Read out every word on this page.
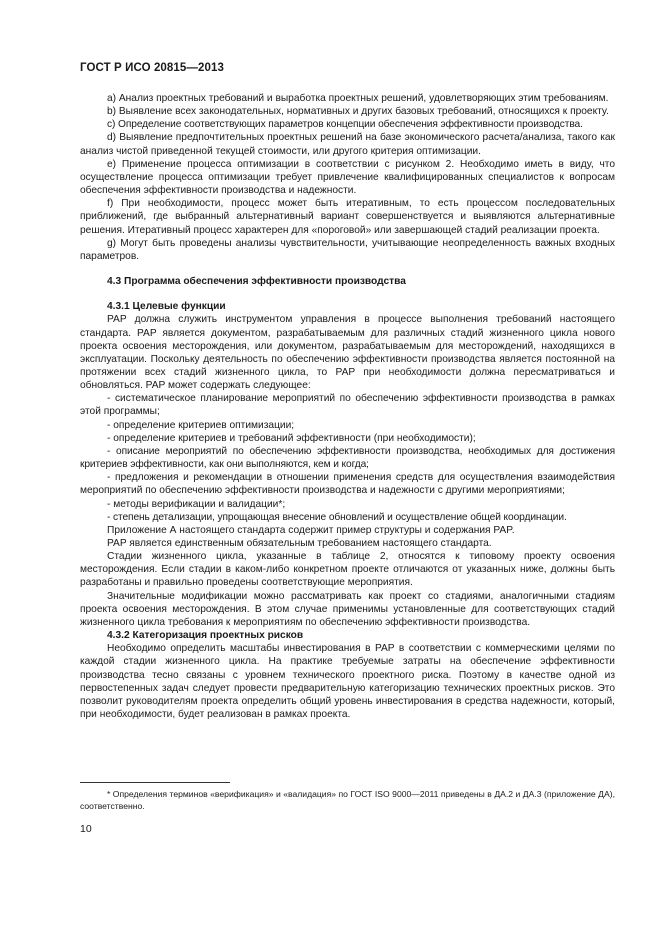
ГОСТ Р ИСО 20815—2013

а) Анализ проектных требований и выработка проектных решений, удовлетворяющих этим требованиям.

b) Выявление всех законодательных, нормативных и других базовых требований, относящихся к проекту.

c) Определение соответствующих параметров концепции обеспечения эффективности производства.

d) Выявление предпочтительных проектных решений на базе экономического расчета/анализа, такого как анализ чистой приведенной текущей стоимости, или другого критерия оптимизации.

e) Применение процесса оптимизации в соответствии с рисунком 2. Необходимо иметь в виду, что осуществление процесса оптимизации требует привлечение квалифицированных специалистов к вопросам обеспечения эффективности производства и надежности.

f) При необходимости, процесс может быть итеративным, то есть процессом последовательных приближений, где выбранный альтернативный вариант совершенствуется и выявляются альтернативные решения. Итеративный процесс характерен для «пороговой» или завершающей стадий реализации проекта.

g) Могут быть проведены анализы чувствительности, учитывающие неопределенность важных входных параметров.

4.3 Программа обеспечения эффективности производства
4.3.1 Целевые функции

PAP должна служить инструментом управления в процессе выполнения требований настоящего стандарта. PAP является документом, разрабатываемым для различных стадий жизненного цикла нового проекта освоения месторождения, или документом, разрабатываемым для месторождений, находящихся в эксплуатации. Поскольку деятельность по обеспечению эффективности производства является постоянной на протяжении всех стадий жизненного цикла, то PAP при необходимости должна пересматриваться и обновляться. PAP может содержать следующее:

- систематическое планирование мероприятий по обеспечению эффективности производства в рамках этой программы;

- определение критериев оптимизации;

- определение критериев и требований эффективности (при необходимости);

- описание мероприятий по обеспечению эффективности производства, необходимых для достижения критериев эффективности, как они выполняются, кем и когда;

- предложения и рекомендации в отношении применения средств для осуществления взаимодействия мероприятий по обеспечению эффективности производства и надежности с другими мероприятиями;

- методы верификации и валидации*;

- степень детализации, упрощающая внесение обновлений и осуществление общей координации.

Приложение А настоящего стандарта содержит пример структуры и содержания PAP.

PAP является единственным обязательным требованием настоящего стандарта.

Стадии жизненного цикла, указанные в таблице 2, относятся к типовому проекту освоения месторождения. Если стадии в каком-либо конкретном проекте отличаются от указанных ниже, должны быть разработаны и правильно проведены соответствующие мероприятия.

Значительные модификации можно рассматривать как проект со стадиями, аналогичными стадиям проекта освоения месторождения. В этом случае применимы установленные для соответствующих стадий жизненного цикла требования к мероприятиям по обеспечению эффективности производства.

4.3.2 Категоризация проектных рисков

Необходимо определить масштабы инвестирования в PAP в соответствии с коммерческими целями по каждой стадии жизненного цикла. На практике требуемые затраты на обеспечение эффективности производства тесно связаны с уровнем технического проектного риска. Поэтому в качестве одной из первостепенных задач следует провести предварительную категоризацию технических проектных рисков. Это позволит руководителям проекта определить общий уровень инвестирования в средства надежности, который, при необходимости, будет реализован в рамках проекта.

* Определения терминов «верификация» и «валидация» по ГОСТ ISO 9000—2011 приведены в ДА.2 и ДА.3 (приложение ДА), соответственно.
10
